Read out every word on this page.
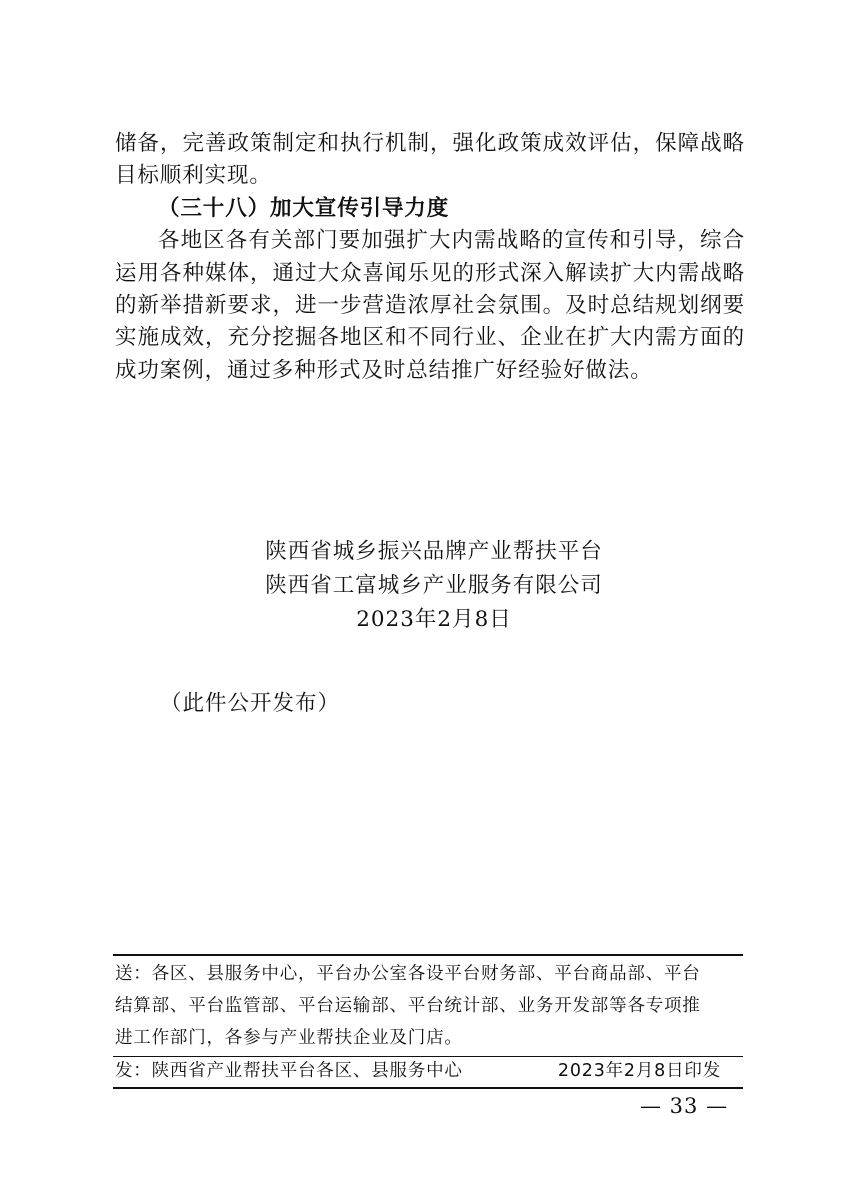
储备，完善政策制定和执行机制，强化政策成效评估，保障战略目标顺利实现。

（三十八）加大宣传引导力度

各地区各有关部门要加强扩大内需战略的宣传和引导，综合运用各种媒体，通过大众喜闻乐见的形式深入解读扩大内需战略的新举措新要求，进一步营造浓厚社会氛围。及时总结规划纲要实施成效，充分挖掘各地区和不同行业、企业在扩大内需方面的成功案例，通过多种形式及时总结推广好经验好做法。

陕西省城乡振兴品牌产业帮扶平台
陕西省工富城乡产业服务有限公司
2023年2月8日
（此件公开发布）

送：各区、县服务中心，平台办公室各设平台财务部、平台商品部、平台结算部、平台监管部、平台运输部、平台统计部、业务开发部等各专项推进工作部门，各参与产业帮扶企业及门店。

发：陕西省产业帮扶平台各区、县服务中心	2023年2月8日印发
— 33 —
